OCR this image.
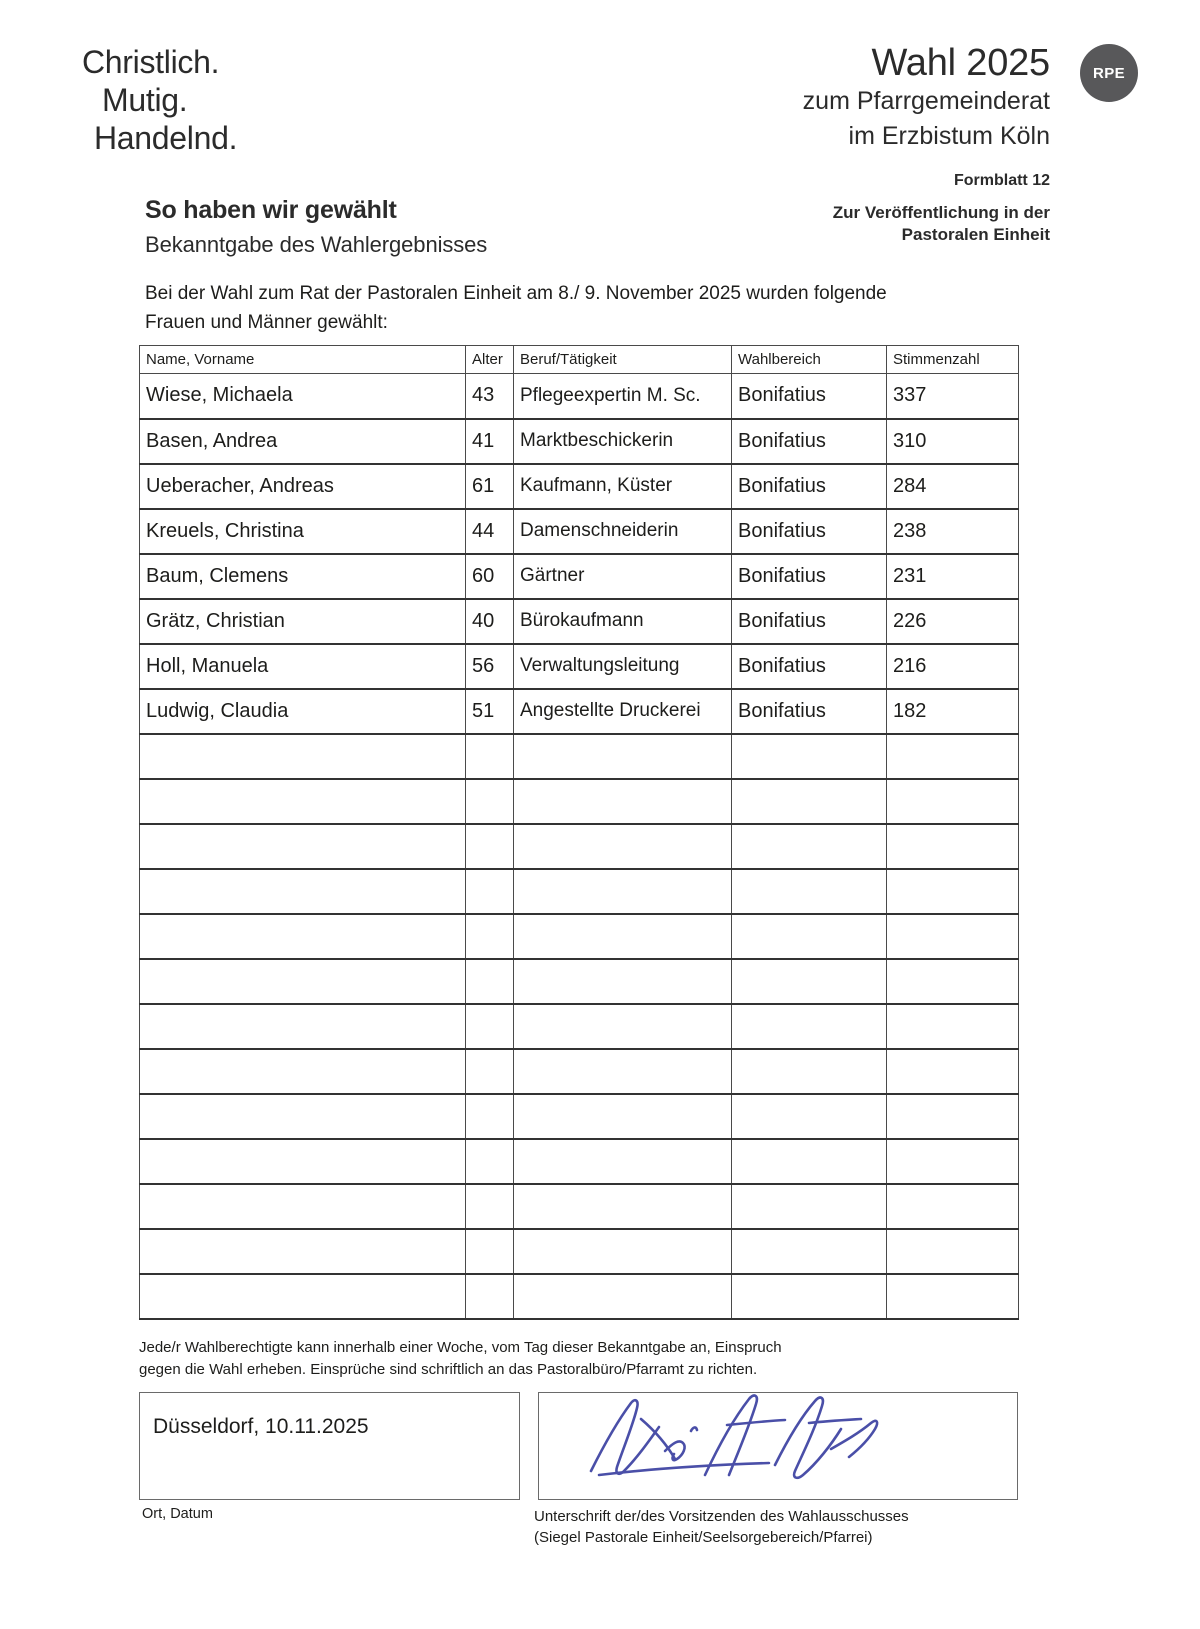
Christlich.
Mutig.
Handelnd.
Wahl 2025
zum Pfarrgemeinderat
im Erzbistum Köln
RPE
Formblatt 12
Zur Veröffentlichung in der
Pastoralen Einheit
So haben wir gewählt
Bekanntgabe des Wahlergebnisses
Bei der Wahl zum Rat der Pastoralen Einheit am 8./ 9. November 2025 wurden folgende
Frauen und Männer gewählt:
Name, Vorname	Alter	Beruf/Tätigkeit	Wahlbereich	Stimmenzahl
Wiese, Michaela	43	Pflegeexpertin M. Sc.	Bonifatius	337
Basen, Andrea	41	Marktbeschickerin	Bonifatius	310
Ueberacher, Andreas	61	Kaufmann, Küster	Bonifatius	284
Kreuels, Christina	44	Damenschneiderin	Bonifatius	238
Baum, Clemens	60	Gärtner	Bonifatius	231
Grätz, Christian	40	Bürokaufmann	Bonifatius	226
Holl, Manuela	56	Verwaltungsleitung	Bonifatius	216
Ludwig, Claudia	51	Angestellte Druckerei	Bonifatius	182

Jede/r Wahlberechtigte kann innerhalb einer Woche, vom Tag dieser Bekanntgabe an, Einspruch
gegen die Wahl erheben. Einsprüche sind schriftlich an das Pastoralbüro/Pfarramt zu richten.
Düsseldorf, 10.11.2025
Ort, Datum	Unterschrift der/des Vorsitzenden des Wahlausschusses
(Siegel Pastorale Einheit/Seelsorgebereich/Pfarrei)
